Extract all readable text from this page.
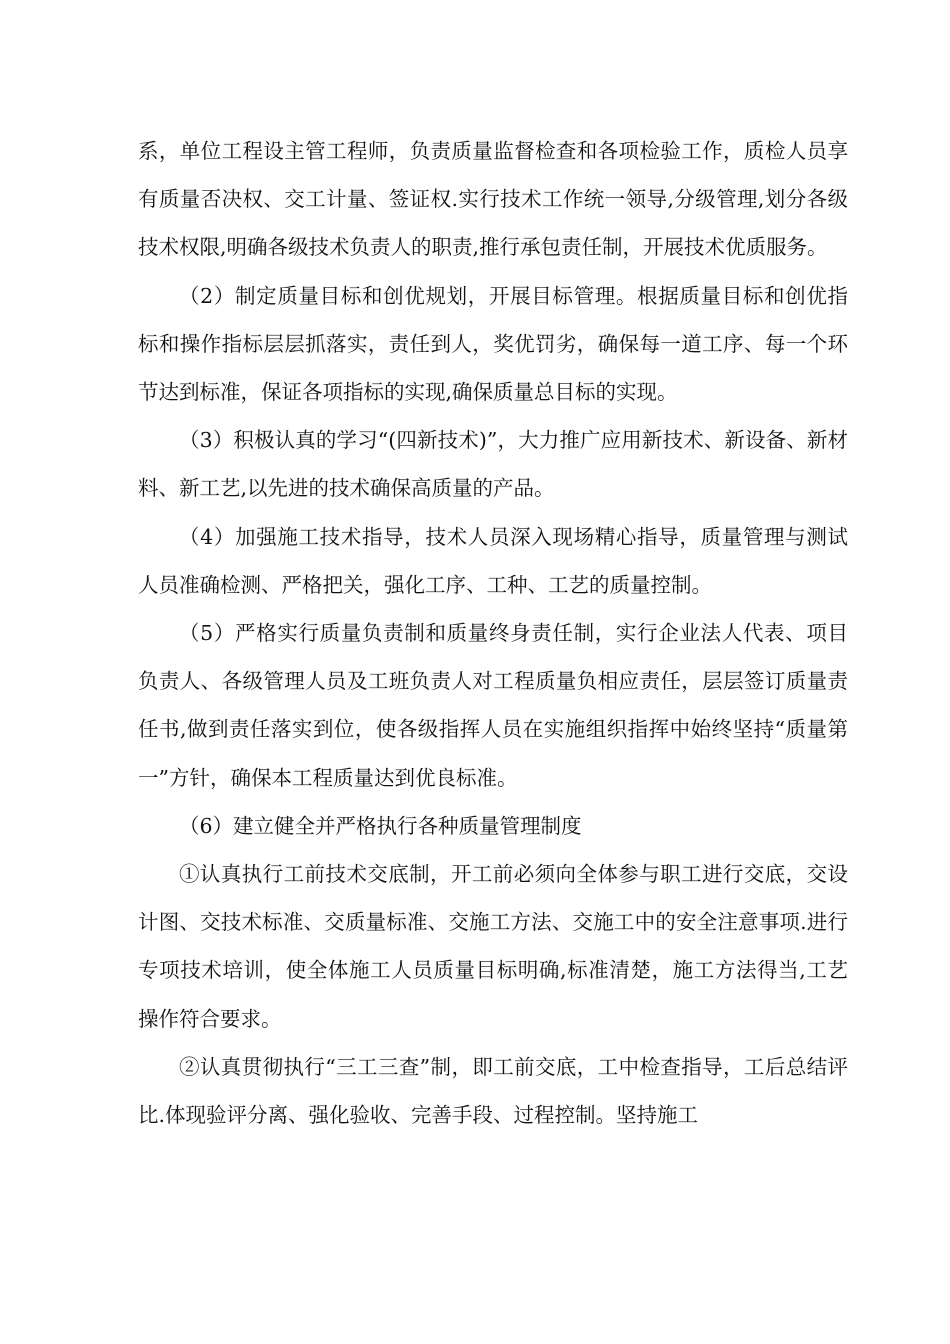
系，单位工程设主管工程师，负责质量监督检查和各项检验工作，质检人员享有质量否决权、交工计量、签证权.实行技术工作统一领导,分级管理,划分各级技术权限,明确各级技术负责人的职责,推行承包责任制，开展技术优质服务。

（2）制定质量目标和创优规划，开展目标管理。根据质量目标和创优指标和操作指标层层抓落实，责任到人，奖优罚劣，确保每一道工序、每一个环节达到标准，保证各项指标的实现,确保质量总目标的实现。

（3）积极认真的学习“(四新技术)”，大力推广应用新技术、新设备、新材料、新工艺,以先进的技术确保高质量的产品。

（4）加强施工技术指导，技术人员深入现场精心指导，质量管理与测试人员准确检测、严格把关，强化工序、工种、工艺的质量控制。

（5）严格实行质量负责制和质量终身责任制，实行企业法人代表、项目负责人、各级管理人员及工班负责人对工程质量负相应责任，层层签订质量责任书,做到责任落实到位，使各级指挥人员在实施组织指挥中始终坚持“质量第一”方针，确保本工程质量达到优良标准。

（6）建立健全并严格执行各种质量管理制度

①认真执行工前技术交底制，开工前必须向全体参与职工进行交底，交设计图、交技术标准、交质量标准、交施工方法、交施工中的安全注意事项.进行专项技术培训，使全体施工人员质量目标明确,标准清楚，施工方法得当,工艺操作符合要求。

②认真贯彻执行“三工三查”制，即工前交底，工中检查指导，工后总结评比.体现验评分离、强化验收、完善手段、过程控制。坚持施工
